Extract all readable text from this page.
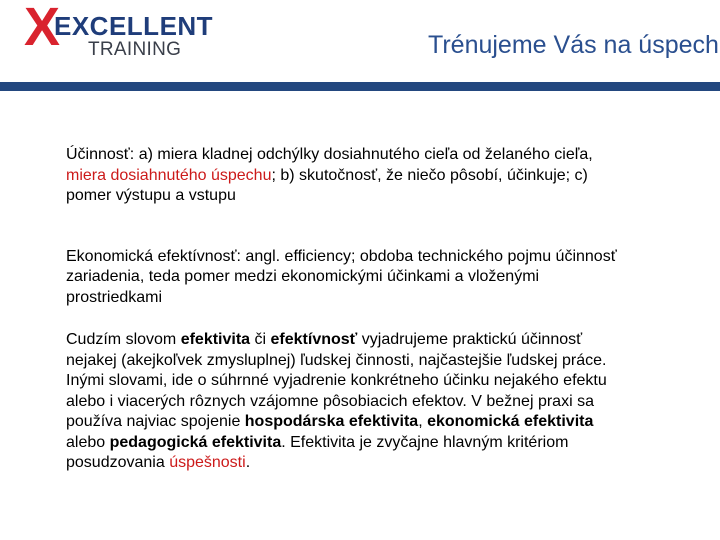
X
EXCELLENT
TRAINING	Trénujeme Vás na úspech

Účinnosť: a) miera kladnej odchýlky dosiahnutého cieľa od želaného cieľa, miera dosiahnutého úspechu; b) skutočnosť, že niečo pôsobí, účinkuje; c) pomer výstupu a vstupu

Ekonomická efektívnosť: angl. efficiency; obdoba technického pojmu účinnosť zariadenia, teda pomer medzi ekonomickými účinkami a vloženými prostriedkami

Cudzím slovom efektivita či efektívnosť vyjadrujeme praktickú účinnosť nejakej (akejkoľvek zmysluplnej) ľudskej činnosti, najčastejšie ľudskej práce. Inými slovami, ide o súhrnné vyjadrenie konkrétneho účinku nejakého efektu alebo i viacerých rôznych vzájomne pôsobiacich efektov. V bežnej praxi sa používa najviac spojenie hospodárska efektivita, ekonomická efektivita alebo pedagogická efektivita. Efektivita je zvyčajne hlavným kritériom posudzovania úspešnosti.
